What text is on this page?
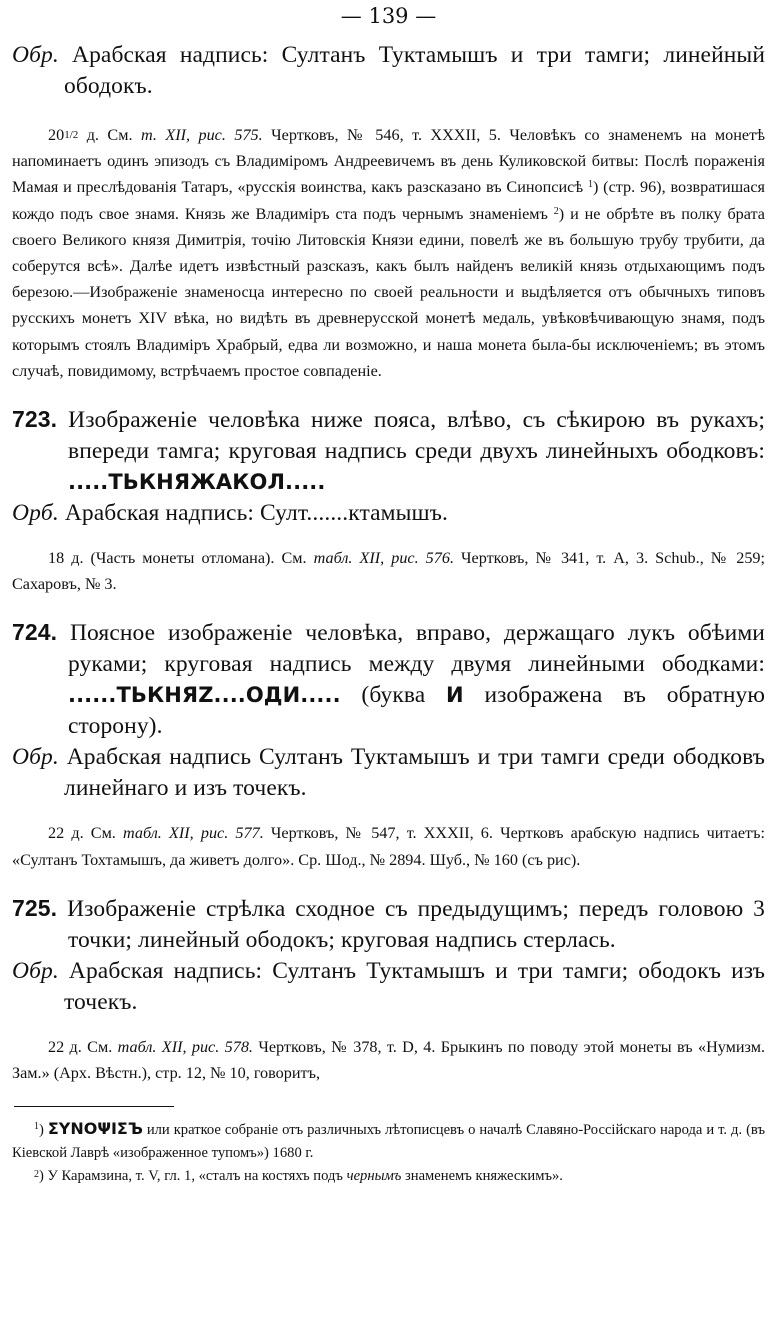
— 139 —

Обр. Арабская надпись: Султанъ Туктамышъ и три тамги; линейный ободокъ.

$20^{1/2}$ д. См. т. XII, рис. 575. Чертковъ, № 546, т. XXXII, 5. Человѣкъ со знаменемъ на монетѣ напоминаетъ одинъ эпизодъ съ Владиміромъ Андреевичемъ въ день Куликовской битвы: Послѣ пораженія Мамая и преслѣдованія Татаръ, «русскія воинства, какъ разсказано въ Синопсисѣ $^1$) (стр. 96), возвратишася кождо подъ свое знамя. Князь же Владиміръ ста подъ чернымъ знаменіемъ $^2$) и не обрѣте въ полку брата своего Великого князя Димитрія, точію Литовскія Князи едини, повелѣ же въ большую трубу трубити, да соберутся всѣ». Далѣе идетъ извѣстный разсказъ, какъ былъ найденъ великій князь отдыхающимъ подъ березою.—Изображеніе знаменосца интересно по своей реальности и выдѣляется отъ обычныхъ типовъ русскихъ монетъ XIV вѣка, но видѣть въ древнерусской монетѣ медаль, увѣковѣчивающую знамя, подъ которымъ стоялъ Владиміръ Храбрый, едва ли возможно, и наша монета была-бы исключеніемъ; въ этомъ случаѣ, повидимому, встрѣчаемъ простое совпаденіе.

723. Изображеніе человѣка ниже пояса, влѣво, съ сѣкирою въ рукахъ; впереди тамга; круговая надпись среди двухъ линейныхъ ободковъ: .....ТЬКНЯЖАКОЛ.....

Орб. Арабская надпись: Султ.......ктамышъ.

18 д. (Часть монеты отломана). См. табл. XII, рис. 576. Чертковъ, № 341, т. А, 3. Schub., № 259; Сахаровъ, № 3.

724. Поясное изображеніе человѣка, вправо, держащаго лукъ обѣими руками; круговая надпись между двумя линейными ободками: ......ТЬКНЯZ....ОДИ..... (буква И изображена въ обратную сторону).

Обр. Арабская надпись Султанъ Туктамышъ и три тамги среди ободковъ линейнаго и изъ точекъ.

22 д. См. табл. XII, рис. 577. Чертковъ, № 547, т. XXXII, 6. Чертковъ арабскую надпись читаетъ: «Султанъ Тохтамышъ, да живетъ долго». Ср. Шод., № 2894. Шуб., № 160 (съ рис).

725. Изображеніе стрѣлка сходное съ предыдущимъ; передъ головою 3 точки; линейный ободокъ; круговая надпись стерлась.

Обр. Арабская надпись: Султанъ Туктамышъ и три тамги; ободокъ изъ точекъ.

22 д. См. табл. XII, рис. 578. Чертковъ, № 378, т. D, 4. Брыкинъ по поводу этой монеты въ «Нумизм. Зам.» (Арх. Вѣстн.), стр. 12, № 10, говоритъ,

$^1$) ΣΥΝΟΨΙΣЪ или краткое собраніе отъ различныхъ лѣтописцевъ о началѣ Славяно-Россійскаго народа и т. д. (въ Кіевской Лаврѣ «изображенное тупомъ») 1680 г.

$^2$) У Карамзина, т. V, гл. 1, «сталъ на костяхъ подъ чернымъ знаменемъ княжескимъ».
